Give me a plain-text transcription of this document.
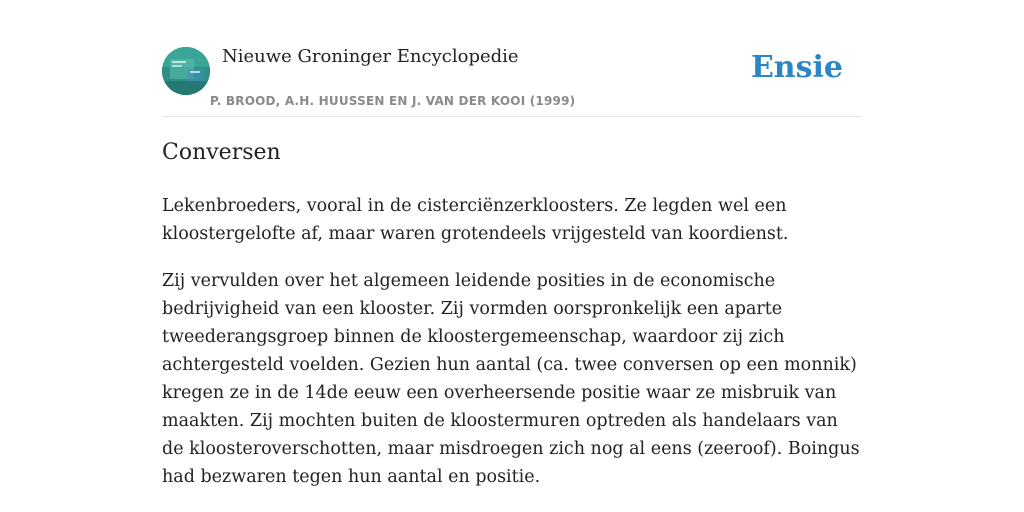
Nieuwe Groninger Encyclopedie
P. BROOD, A.H. HUUSSEN EN J. VAN DER KOOI (1999)
Ensie
Conversen

Lekenbroeders, vooral in de cisterciënzerkloosters. Ze legden wel een kloostergelofte af, maar waren grotendeels vrijgesteld van koordienst.

Zij vervulden over het algemeen leidende posities in de economische bedrijvigheid van een klooster. Zij vormden oorspronkelijk een aparte tweederangsgroep binnen de kloostergemeenschap, waardoor zij zich achtergesteld voelden. Gezien hun aantal (ca. twee conversen op een monnik) kregen ze in de 14de eeuw een overheersende positie waar ze misbruik van maakten. Zij mochten buiten de kloostermuren optreden als handelaars van de kloosteroverschotten, maar misdroegen zich nog al eens (zeeroof). Boingus had bezwaren tegen hun aantal en positie.
